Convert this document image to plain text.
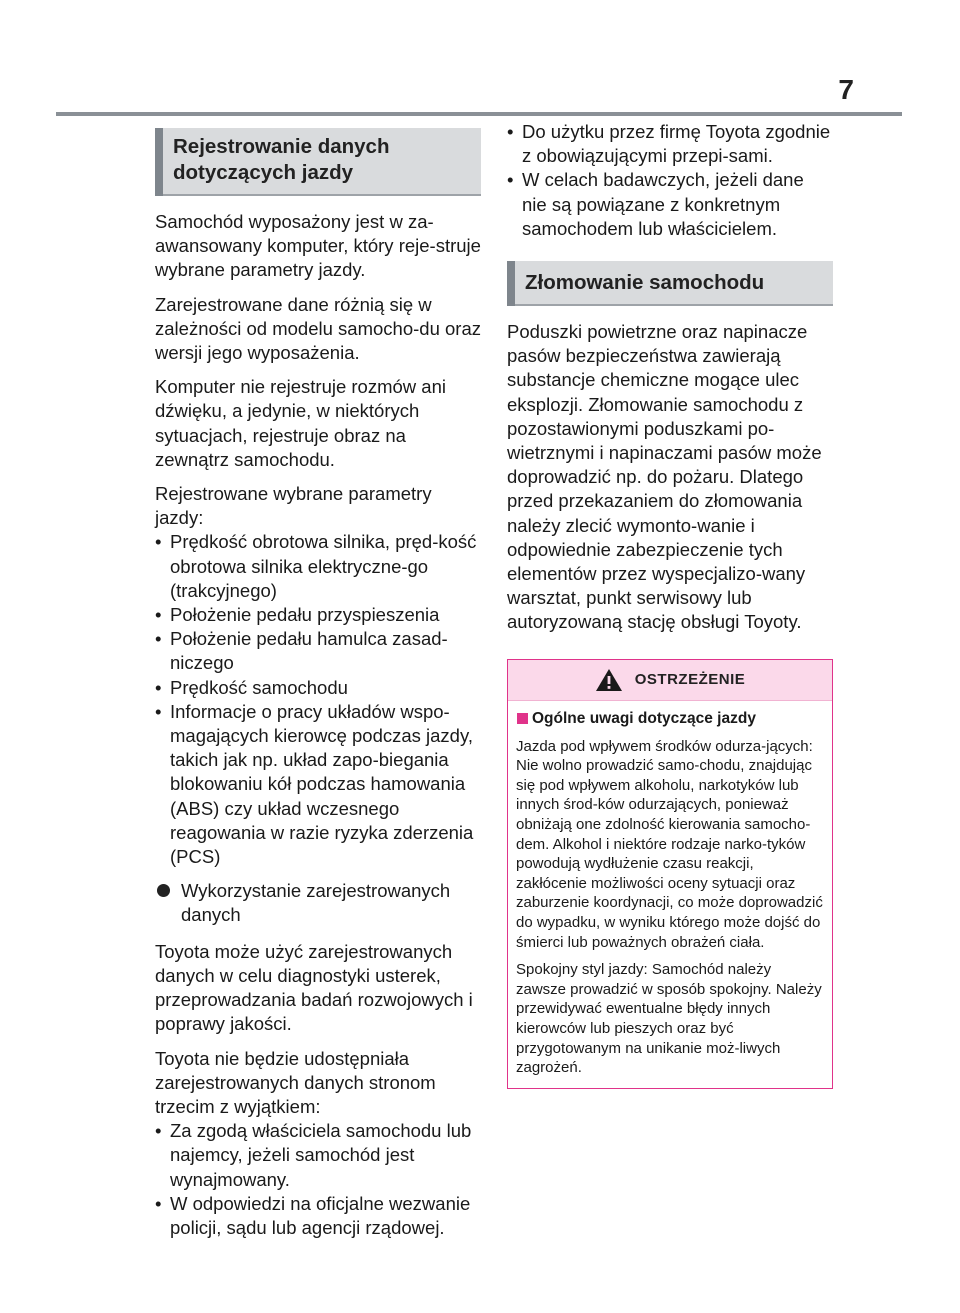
7
Rejestrowanie danych dotyczących jazdy

Samochód wyposażony jest w za-awansowany komputer, który reje-struje wybrane parametry jazdy.

Zarejestrowane dane różnią się w zależności od modelu samocho-du oraz wersji jego wyposażenia.

Komputer nie rejestruje rozmów ani dźwięku, a jedynie, w niektórych sytuacjach, rejestruje obraz na zewnątrz samochodu.

Rejestrowane wybrane parametry jazdy:

• Prędkość obrotowa silnika, pręd-kość obrotowa silnika elektryczne-go (trakcyjnego)
• Położenie pedału przyspieszenia
• Położenie pedału hamulca zasad-niczego
• Prędkość samochodu
• Informacje o pracy układów wspo-magających kierowcę podczas jazdy, takich jak np. układ zapo-biegania blokowaniu kół podczas hamowania (ABS) czy układ wczesnego reagowania w razie ryzyka zderzenia (PCS)
Wykorzystanie zarejestrowanych danych

Toyota może użyć zarejestrowanych danych w celu diagnostyki usterek, przeprowadzania badań rozwojowych i poprawy jakości.

Toyota nie będzie udostępniała zarejestrowanych danych stronom trzecim z wyjątkiem:

• Za zgodą właściciela samochodu lub najemcy, jeżeli samochód jest wynajmowany.
• W odpowiedzi na oficjalne wezwanie policji, sądu lub agencji rządowej.
• Do użytku przez firmę Toyota zgodnie z obowiązującymi przepi-sami.
• W celach badawczych, jeżeli dane nie są powiązane z konkretnym samochodem lub właścicielem.
Złomowanie samochodu

Poduszki powietrzne oraz napinacze pasów bezpieczeństwa zawierają substancje chemiczne mogące ulec eksplozji. Złomowanie samochodu z pozostawionymi poduszkami po-wietrznymi i napinaczami pasów może doprowadzić np. do pożaru. Dlatego przed przekazaniem do złomowania należy zlecić wymonto-wanie i odpowiednie zabezpieczenie tych elementów przez wyspecjalizo-wany warsztat, punkt serwisowy lub autoryzowaną stację obsługi Toyoty.

OSTRZEŻENIE
Ogólne uwagi dotyczące jazdy

Jazda pod wpływem środków odurza-jących: Nie wolno prowadzić samo-chodu, znajdując się pod wpływem alkoholu, narkotyków lub innych środ-ków odurzających, ponieważ obniżają one zdolność kierowania samocho-dem. Alkohol i niektóre rodzaje narko-tyków powodują wydłużenie czasu reakcji, zakłócenie możliwości oceny sytuacji oraz zaburzenie koordynacji, co może doprowadzić do wypadku, w wyniku którego może dojść do śmierci lub poważnych obrażeń ciała.

Spokojny styl jazdy: Samochód należy zawsze prowadzić w sposób spokojny. Należy przewidywać ewentualne błędy innych kierowców lub pieszych oraz być przygotowanym na unikanie moż-liwych zagrożeń.
